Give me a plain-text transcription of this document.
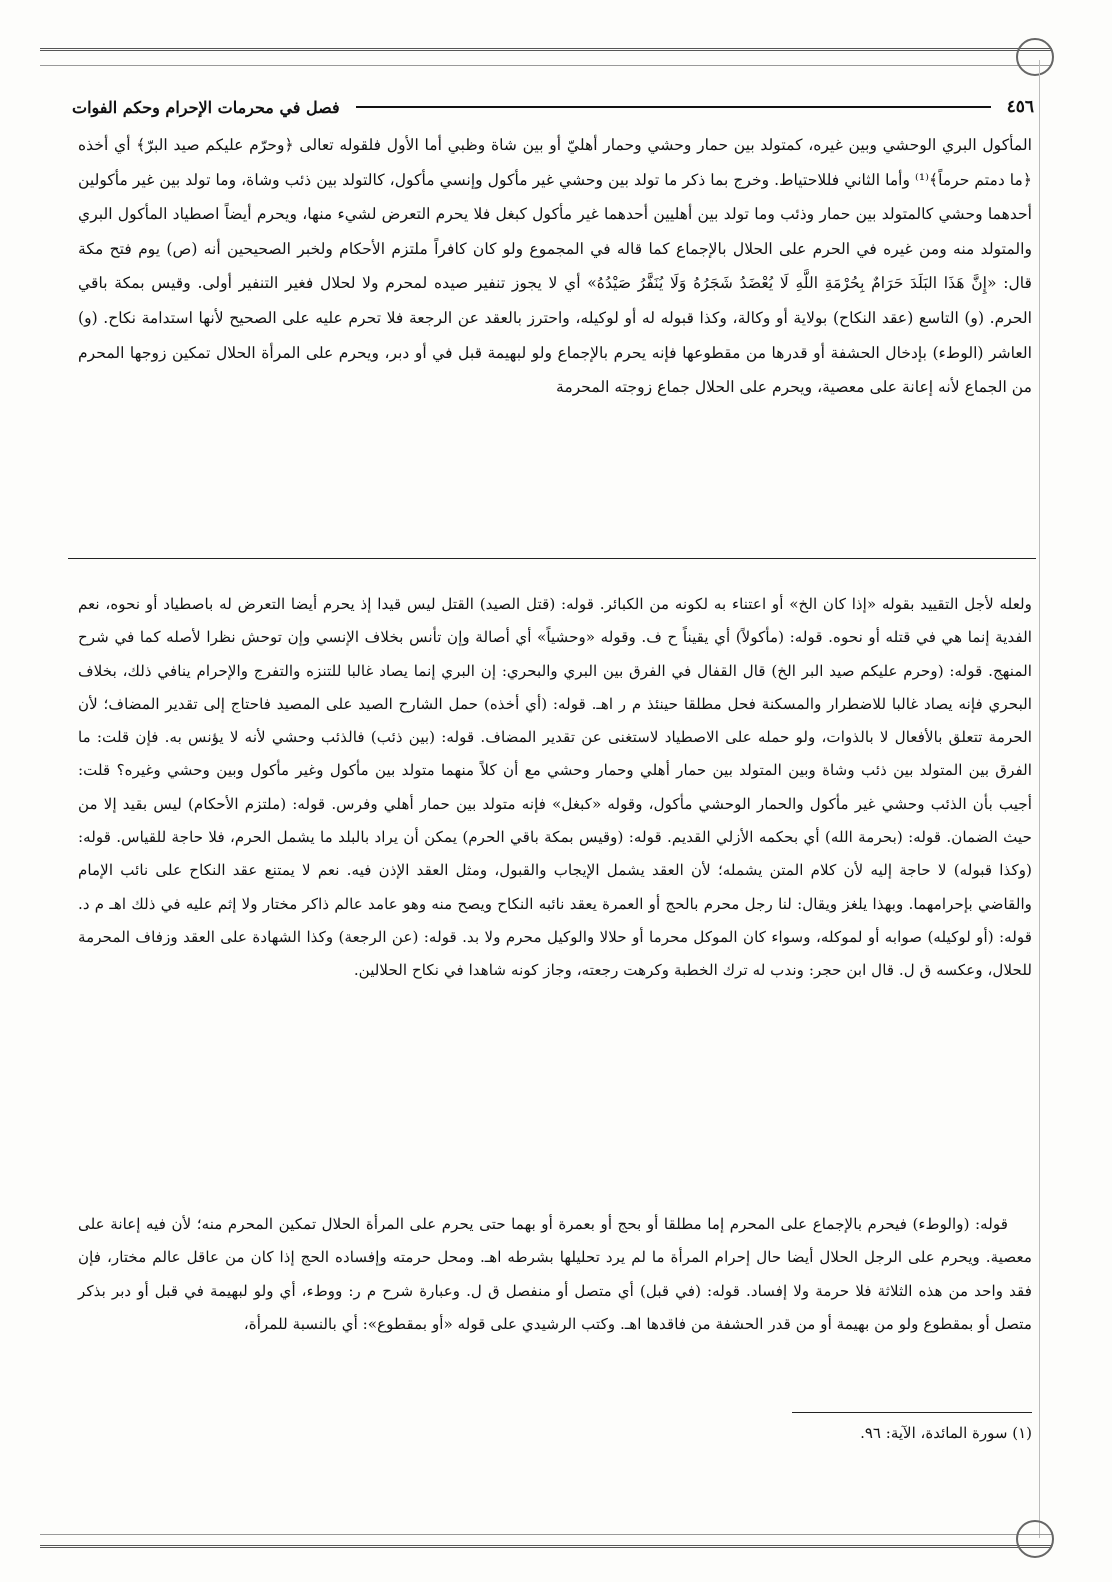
٤٥٦
فصل في محرمات الإحرام وحكم الفوات
المأكول البري الوحشي وبين غيره، كمتولد بين حمار وحشي وحمار أهليّ أو بين شاة وظبي أما الأول فلقوله تعالى ﴿وحرّم عليكم صيد البرّ﴾ أي أخذه ﴿ما دمتم حرماً﴾⁽¹⁾ وأما الثاني فللاحتياط. وخرج بما ذكر ما تولد بين وحشي غير مأكول وإنسي مأكول، كالتولد بين ذئب وشاة، وما تولد بين غير مأكولين أحدهما وحشي كالمتولد بين حمار وذئب وما تولد بين أهليين أحدهما غير مأكول كبغل فلا يحرم التعرض لشيء منها، ويحرم أيضاً اصطياد المأكول البري والمتولد منه ومن غيره في الحرم على الحلال بالإجماع كما قاله في المجموع ولو كان كافراً ملتزم الأحكام ولخبر الصحيحين أنه (ص) يوم فتح مكة قال: «إِنَّ هَذَا البَلَدَ حَرَامٌ بِحُرْمَةِ اللَّهِ لَا يُعْضَدُ شَجَرُهُ وَلَا يُنَفَّرُ صَيْدُهُ» أي لا يجوز تنفير صيده لمحرم ولا لحلال فغير التنفير أولى. وقيس بمكة باقي الحرم. (و) التاسع (عقد النكاح) بولاية أو وكالة، وكذا قبوله له أو لوكيله، واحترز بالعقد عن الرجعة فلا تحرم عليه على الصحيح لأنها استدامة نكاح. (و) العاشر (الوطء) بإدخال الحشفة أو قدرها من مقطوعها فإنه يحرم بالإجماع ولو لبهيمة قبل في أو دبر، ويحرم على المرأة الحلال تمكين زوجها المحرم من الجماع لأنه إعانة على معصية، ويحرم على الحلال جماع زوجته المحرمة
ولعله لأجل التقييد بقوله «إذا كان الخ» أو اعتناء به لكونه من الكبائر. قوله: (قتل الصيد) القتل ليس قيدا إذ يحرم أيضا التعرض له باصطياد أو نحوه، نعم الفدية إنما هي في قتله أو نحوه. قوله: (مأكولاً) أي يقيناً ح ف. وقوله «وحشياً» أي أصالة وإن تأنس بخلاف الإنسي وإن توحش نظرا لأصله كما في شرح المنهج. قوله: (وحرم عليكم صيد البر الخ) قال القفال في الفرق بين البري والبحري: إن البري إنما يصاد غالبا للتنزه والتفرج والإحرام ينافي ذلك، بخلاف البحري فإنه يصاد غالبا للاضطرار والمسكنة فحل مطلقا حينئذ م ر اهـ. قوله: (أي أخذه) حمل الشارح الصيد على المصيد فاحتاج إلى تقدير المضاف؛ لأن الحرمة تتعلق بالأفعال لا بالذوات، ولو حمله على الاصطياد لاستغنى عن تقدير المضاف. قوله: (بين ذئب) فالذئب وحشي لأنه لا يؤنس به. فإن قلت: ما الفرق بين المتولد بين ذئب وشاة وبين المتولد بين حمار أهلي وحمار وحشي مع أن كلاً منهما متولد بين مأكول وغير مأكول وبين وحشي وغيره؟ قلت: أجيب بأن الذئب وحشي غير مأكول والحمار الوحشي مأكول، وقوله «كبغل» فإنه متولد بين حمار أهلي وفرس. قوله: (ملتزم الأحكام) ليس بقيد إلا من حيث الضمان. قوله: (بحرمة الله) أي بحكمه الأزلي القديم. قوله: (وقيس بمكة باقي الحرم) يمكن أن يراد بالبلد ما يشمل الحرم، فلا حاجة للقياس. قوله: (وكذا قبوله) لا حاجة إليه لأن كلام المتن يشمله؛ لأن العقد يشمل الإيجاب والقبول، ومثل العقد الإذن فيه. نعم لا يمتنع عقد النكاح على نائب الإمام والقاضي بإحرامهما. وبهذا يلغز ويقال: لنا رجل محرم بالحج أو العمرة يعقد نائبه النكاح ويصح منه وهو عامد عالم ذاكر مختار ولا إثم عليه في ذلك اهـ م د. قوله: (أو لوكيله) صوابه أو لموكله، وسواء كان الموكل محرما أو حلالا والوكيل محرم ولا بد. قوله: (عن الرجعة) وكذا الشهادة على العقد وزفاف المحرمة للحلال، وعكسه ق ل. قال ابن حجر: وندب له ترك الخطبة وكرهت رجعته، وجاز كونه شاهدا في نكاح الحلالين.
قوله: (والوطء) فيحرم بالإجماع على المحرم إما مطلقا أو بحج أو بعمرة أو بهما حتى يحرم على المرأة الحلال تمكين المحرم منه؛ لأن فيه إعانة على معصية. ويحرم على الرجل الحلال أيضا حال إحرام المرأة ما لم يرد تحليلها بشرطه اهـ. ومحل حرمته وإفساده الحج إذا كان من عاقل عالم مختار، فإن فقد واحد من هذه الثلاثة فلا حرمة ولا إفساد. قوله: (في قبل) أي متصل أو منفصل ق ل. وعبارة شرح م ر: ووطء، أي ولو لبهيمة في قبل أو دبر بذكر متصل أو بمقطوع ولو من بهيمة أو من قدر الحشفة من فاقدها اهـ. وكتب الرشيدي على قوله «أو بمقطوع»: أي بالنسبة للمرأة،
(١) سورة المائدة، الآية: ٩٦.
